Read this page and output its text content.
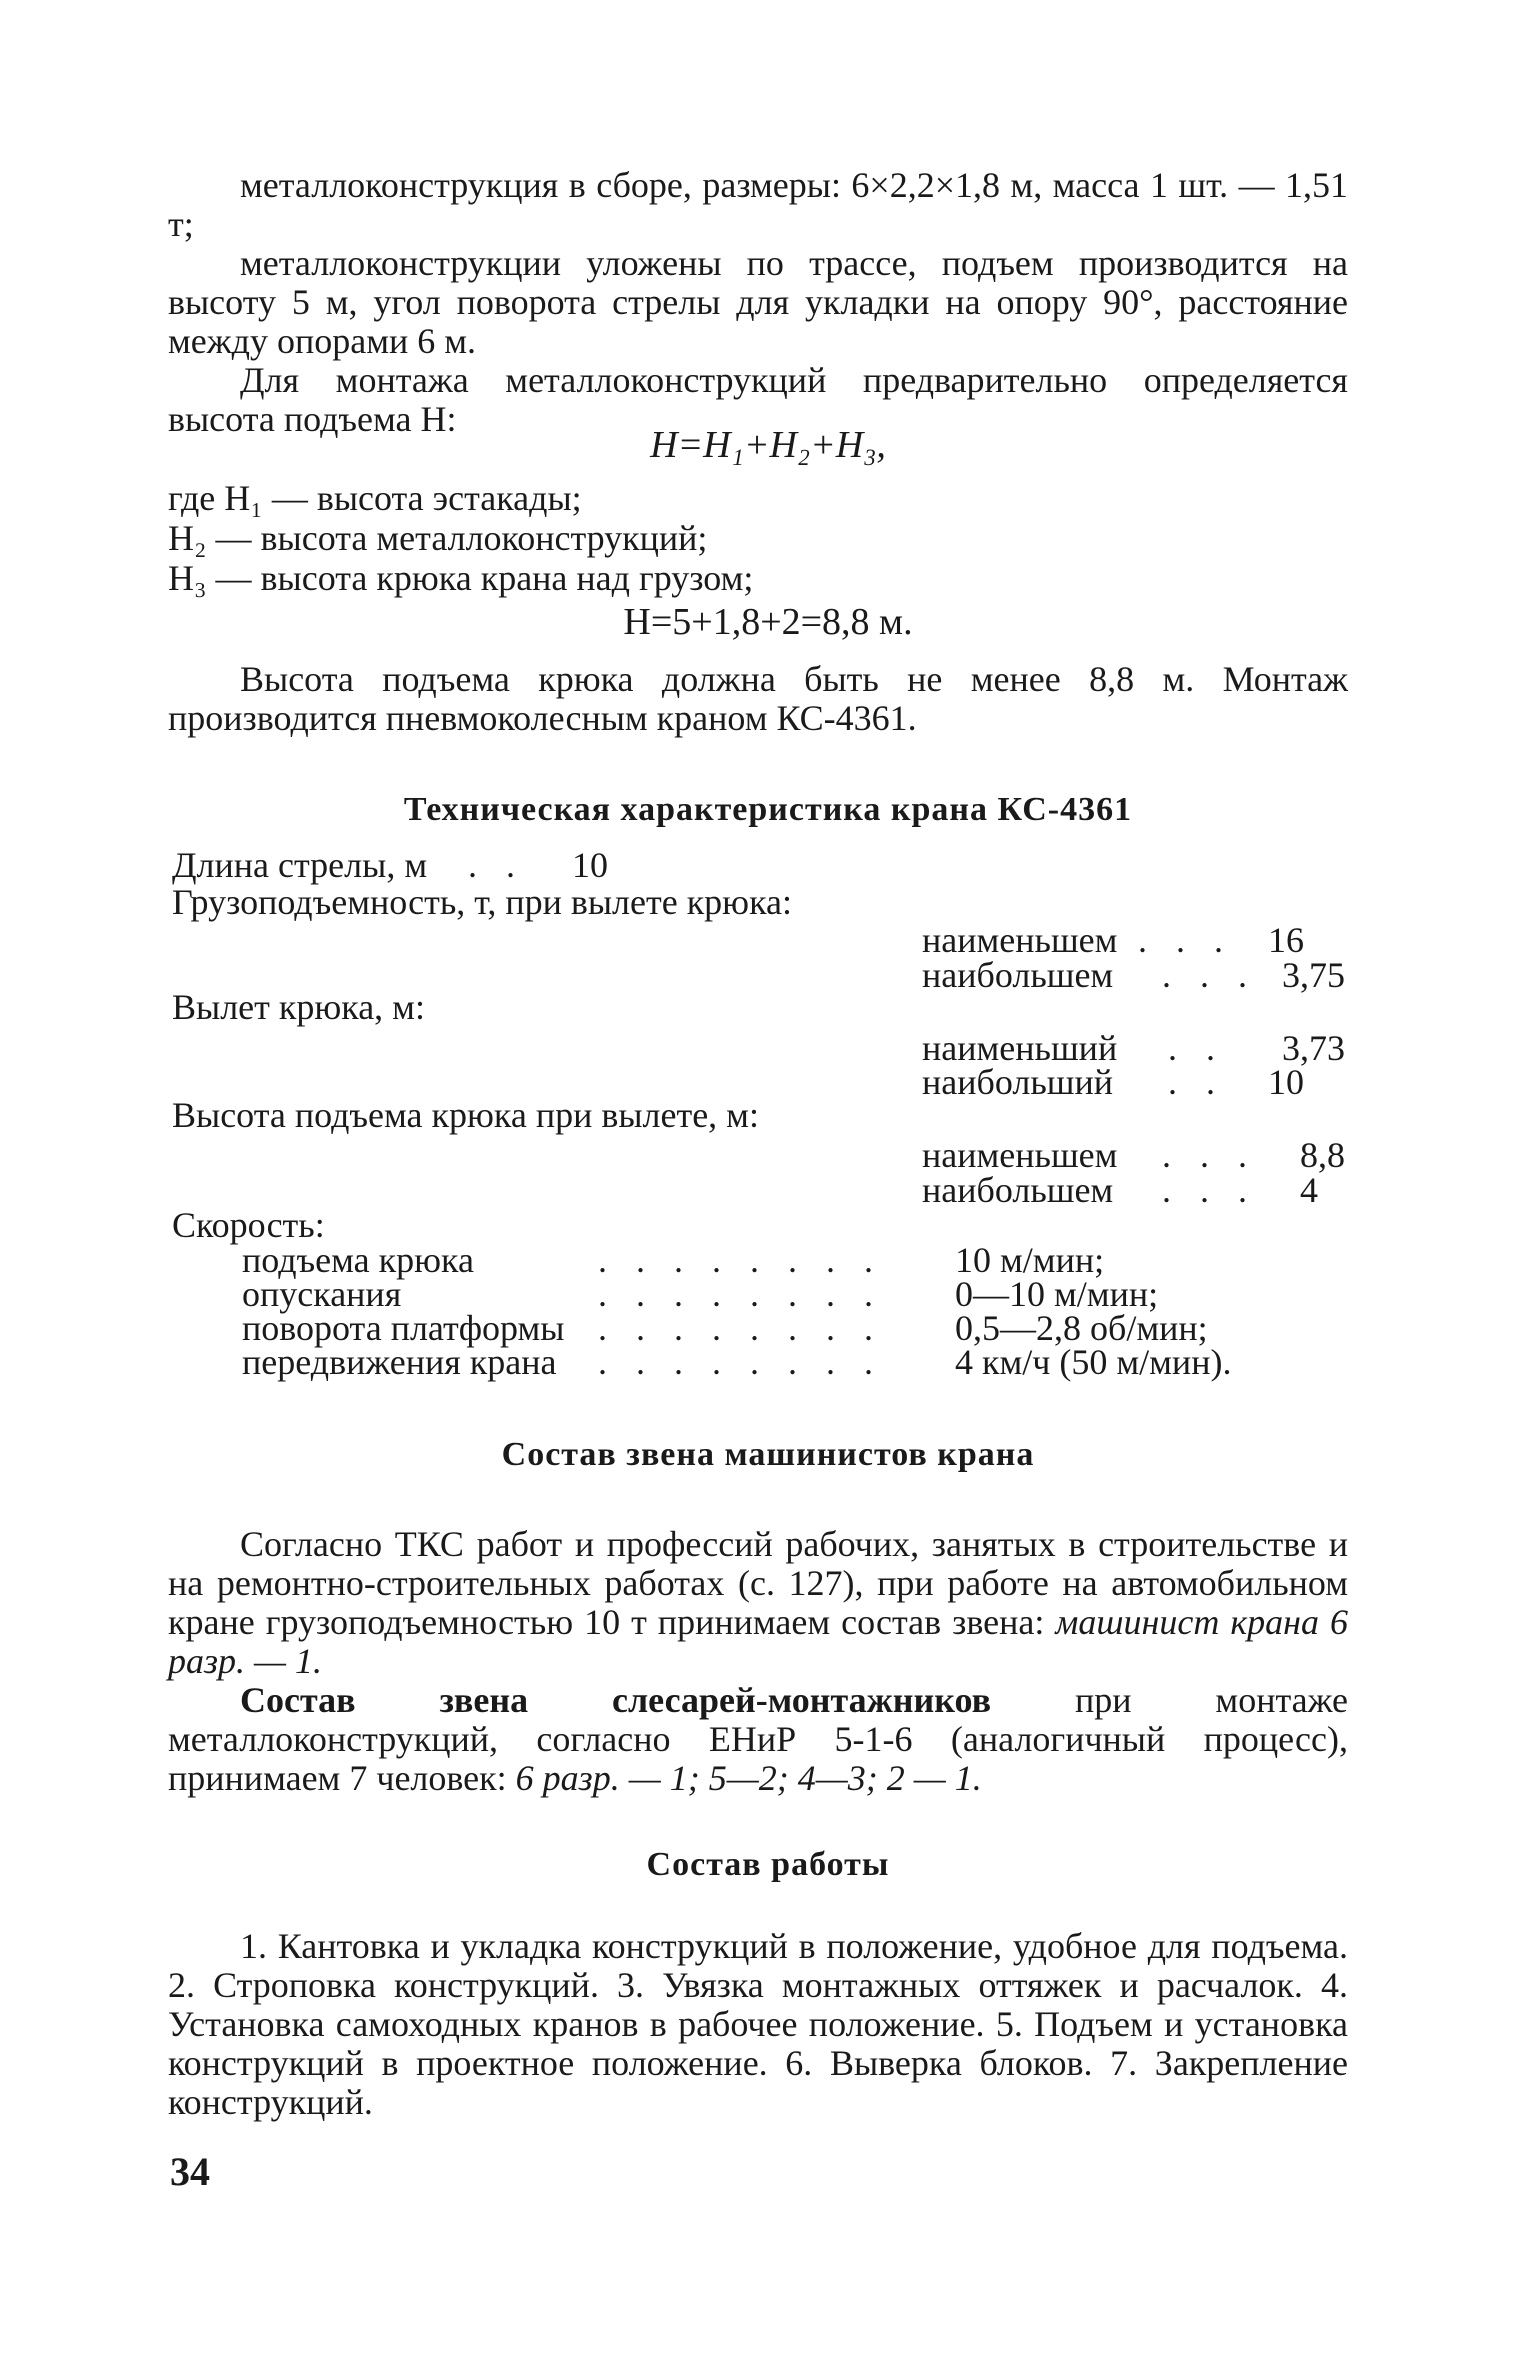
металлоконструкция в сборе, размеры: 6×2,2×1,8 м, масса 1 шт. — 1,51 т;

металлоконструкции уложены по трассе, подъем производится на высоту 5 м, угол поворота стрелы для укладки на опору 90°, расстояние между опорами 6 м.

Для монтажа металлоконструкций предварительно определяется высота подъема H:

H=H₁+H₂+H₃,
где H₁ — высота эстакады;
H₂ — высота металлоконструкций;
H₃ — высота крюка крана над грузом;
H=5+1,8+2=8,8 м.

Высота подъема крюка должна быть не менее 8,8 м. Монтаж производится пневмоколесным краном КС-4361.

Техническая характеристика крана КС-4361
Длина стрелы, м . . 10
Грузоподъемность, т, при вылете крюка:
наименьшем . . . 16
наибольшем . . . 3,75
Вылет крюка, м:
наименьший . . 3,73
наибольший . . 10
Высота подъема крюка при вылете, м:
наименьшем . . . 8,8
наибольшем . . . 4
Скорость:
подъема крюка	. . . . . . . . 10 м/мин;
опускания	. . . . . . . . 0—10 м/мин;
поворота платформы . . . . . . . . 0,5—2,8 об/мин;
передвижения крана . . . . . . . . 4 км/ч (50 м/мин).
Состав звена машинистов крана

Согласно ТКС работ и профессий рабочих, занятых в строительстве и на ремонтно-строительных работах (с. 127), при работе на автомобильном кране грузоподъемностью 10 т принимаем состав звена: машинист крана 6 разр. — 1.

Состав звена слесарей-монтажников при монтаже металлоконструкций, согласно ЕНиР 5-1-6 (аналогичный процесс), принимаем 7 человек: 6 разр. — 1; 5—2; 4—3; 2 — 1.

Состав работы

1. Кантовка и укладка конструкций в положение, удобное для подъема. 2. Строповка конструкций. 3. Увязка монтажных оттяжек и расчалок. 4. Установка самоходных кранов в рабочее положение. 5. Подъем и установка конструкций в проектное положение. 6. Выверка блоков. 7. Закрепление конструкций.

34
